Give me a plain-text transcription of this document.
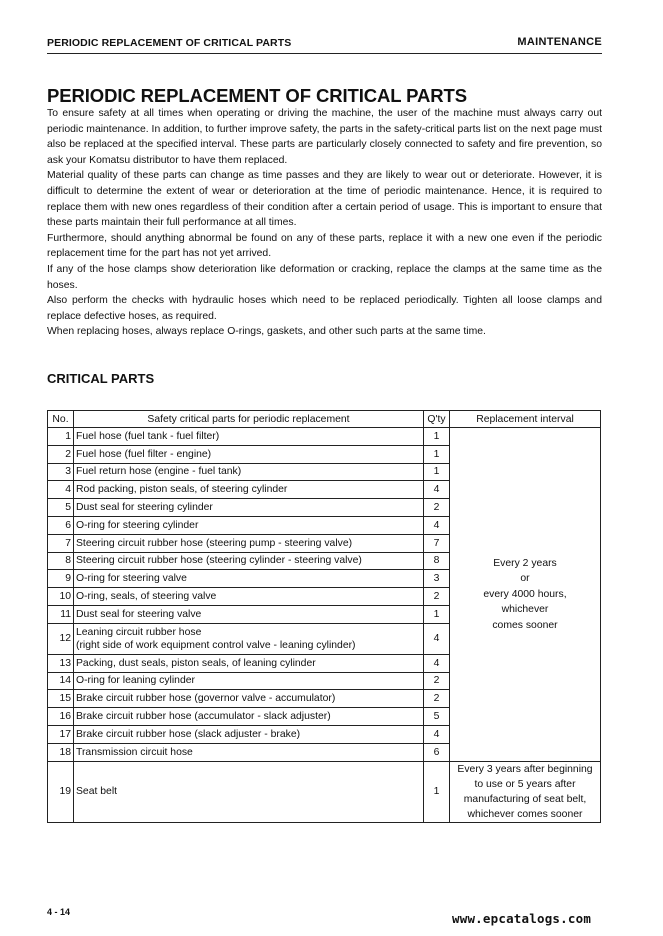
PERIODIC REPLACEMENT OF CRITICAL PARTS	MAINTENANCE
PERIODIC REPLACEMENT OF CRITICAL PARTS

To ensure safety at all times when operating or driving the machine, the user of the machine must always carry out periodic maintenance. In addition, to further improve safety, the parts in the safety-critical parts list on the next page must also be replaced at the specified interval. These parts are particularly closely connected to safety and fire prevention, so ask your Komatsu distributor to have them replaced.

Material quality of these parts can change as time passes and they are likely to wear out or deteriorate. However, it is difficult to determine the extent of wear or deterioration at the time of periodic maintenance. Hence, it is required to replace them with new ones regardless of their condition after a certain period of usage. This is important to ensure that these parts maintain their full performance at all times.

Furthermore, should anything abnormal be found on any of these parts, replace it with a new one even if the periodic replacement time for the part has not yet arrived.

If any of the hose clamps show deterioration like deformation or cracking, replace the clamps at the same time as the hoses.

Also perform the checks with hydraulic hoses which need to be replaced periodically. Tighten all loose clamps and replace defective hoses, as required.

When replacing hoses, always replace O-rings, gaskets, and other such parts at the same time.

CRITICAL PARTS
No.	Safety critical parts for periodic replacement	Q'ty	Replacement interval
1	Fuel hose (fuel tank - fuel filter)	1	Every 2 years
or
every 4000 hours,
whichever
comes sooner

2	Fuel hose (fuel filter - engine)	1	
3	Fuel return hose (engine - fuel tank)	1	
4	Rod packing, piston seals, of steering cylinder	4	
5	Dust seal for steering cylinder	2	
6	O-ring for steering cylinder	4	
7	Steering circuit rubber hose (steering pump - steering valve)	7	
8	Steering circuit rubber hose (steering cylinder - steering valve)	8	
9	O-ring for steering valve	3	
10	O-ring, seals, of steering valve	2	
11	Dust seal for steering valve	1	
12	Leaning circuit rubber hose
(right side of work equipment control valve - leaning cylinder)	4	
13	Packing, dust seals, piston seals, of leaning cylinder	4	
14	O-ring for leaning cylinder	2	
15	Brake circuit rubber hose (governor valve - accumulator)	2	
16	Brake circuit rubber hose (accumulator - slack adjuster)	5	
17	Brake circuit rubber hose (slack adjuster - brake)	4	
18	Transmission circuit hose	6	
19	Seat belt	1	Every 3 years after beginning
to use or 5 years after
manufacturing of seat belt,
whichever comes sooner
4 - 14	www.epcatalogs.com
